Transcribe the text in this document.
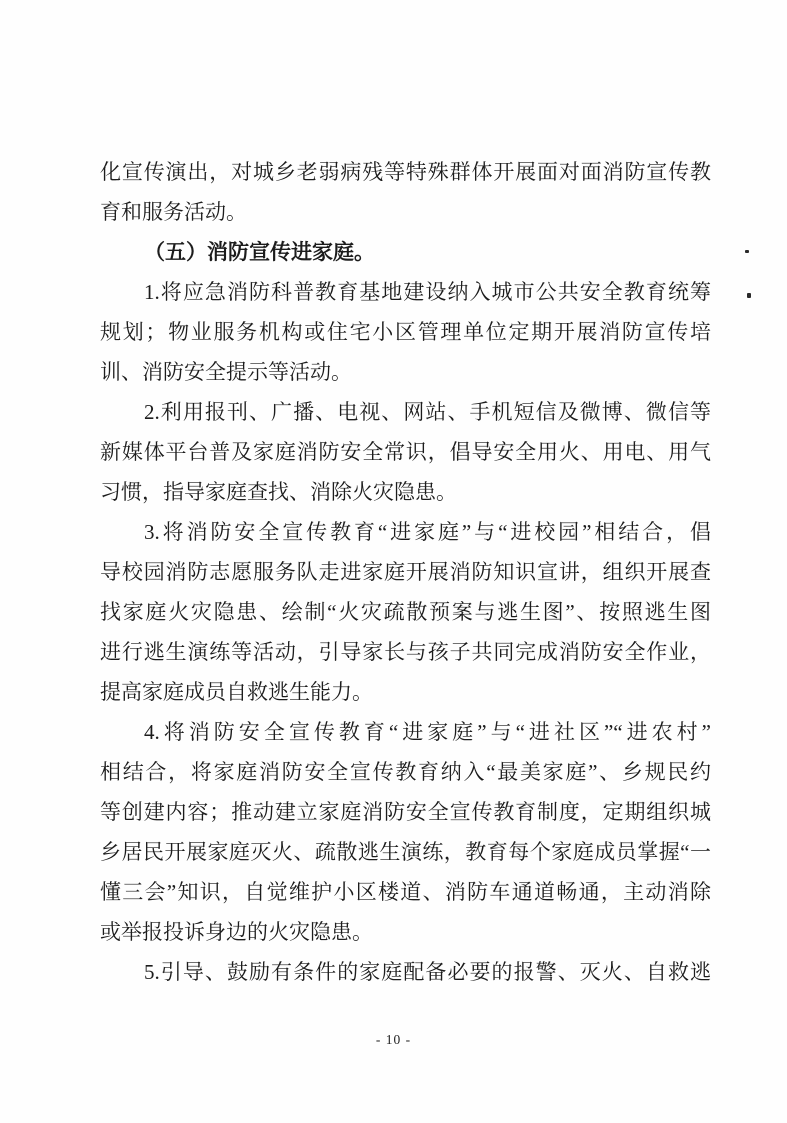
化宣传演出，对城乡老弱病残等特殊群体开展面对面消防宣传教
育和服务活动。
（五）消防宣传进家庭。
1.将应急消防科普教育基地建设纳入城市公共安全教育统筹
规划；物业服务机构或住宅小区管理单位定期开展消防宣传培
训、消防安全提示等活动。
2.利用报刊、广播、电视、网站、手机短信及微博、微信等
新媒体平台普及家庭消防安全常识，倡导安全用火、用电、用气
习惯，指导家庭查找、消除火灾隐患。
3.将消防安全宣传教育“进家庭”与“进校园”相结合，倡
导校园消防志愿服务队走进家庭开展消防知识宣讲，组织开展查
找家庭火灾隐患、绘制“火灾疏散预案与逃生图”、按照逃生图
进行逃生演练等活动，引导家长与孩子共同完成消防安全作业，
提高家庭成员自救逃生能力。
4.将消防安全宣传教育“进家庭”与“进社区”“进农村”
相结合，将家庭消防安全宣传教育纳入“最美家庭”、乡规民约
等创建内容；推动建立家庭消防安全宣传教育制度，定期组织城
乡居民开展家庭灭火、疏散逃生演练，教育每个家庭成员掌握“一
懂三会”知识，自觉维护小区楼道、消防车通道畅通，主动消除
或举报投诉身边的火灾隐患。
5.引导、鼓励有条件的家庭配备必要的报警、灭火、自救逃
- 10 -
